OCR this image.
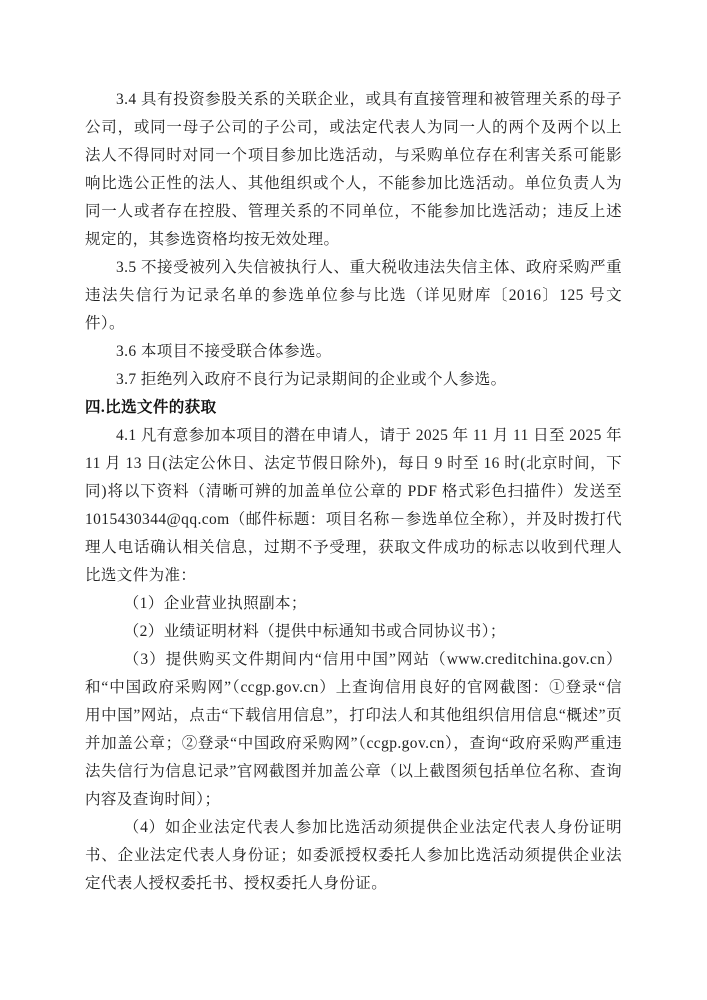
3.4 具有投资参股关系的关联企业，或具有直接管理和被管理关系的母子公司，或同一母子公司的子公司，或法定代表人为同一人的两个及两个以上法人不得同时对同一个项目参加比选活动，与采购单位存在利害关系可能影响比选公正性的法人、其他组织或个人，不能参加比选活动。单位负责人为同一人或者存在控股、管理关系的不同单位，不能参加比选活动；违反上述规定的，其参选资格均按无效处理。

3.5 不接受被列入失信被执行人、重大税收违法失信主体、政府采购严重违法失信行为记录名单的参选单位参与比选（详见财库〔2016〕125 号文件）。

3.6 本项目不接受联合体参选。

3.7 拒绝列入政府不良行为记录期间的企业或个人参选。

四.比选文件的获取

4.1 凡有意参加本项目的潜在申请人，请于 2025 年 11 月 11 日至 2025 年 11 月 13 日(法定公休日、法定节假日除外)，每日 9 时至 16 时(北京时间，下同)将以下资料（清晰可辨的加盖单位公章的 PDF 格式彩色扫描件）发送至 1015430344@qq.com（邮件标题：项目名称－参选单位全称），并及时拨打代理人电话确认相关信息，过期不予受理，获取文件成功的标志以收到代理人比选文件为准：

（1）企业营业执照副本；

（2）业绩证明材料（提供中标通知书或合同协议书）；

（3）提供购买文件期间内“信用中国”网站（www.creditchina.gov.cn）和“中国政府采购网”（ccgp.gov.cn）上查询信用良好的官网截图：①登录“信用中国”网站，点击“下载信用信息”，打印法人和其他组织信用信息“概述”页并加盖公章；②登录“中国政府采购网”（ccgp.gov.cn），查询“政府采购严重违法失信行为信息记录”官网截图并加盖公章（以上截图须包括单位名称、查询内容及查询时间）；

（4）如企业法定代表人参加比选活动须提供企业法定代表人身份证明书、企业法定代表人身份证；如委派授权委托人参加比选活动须提供企业法定代表人授权委托书、授权委托人身份证。
